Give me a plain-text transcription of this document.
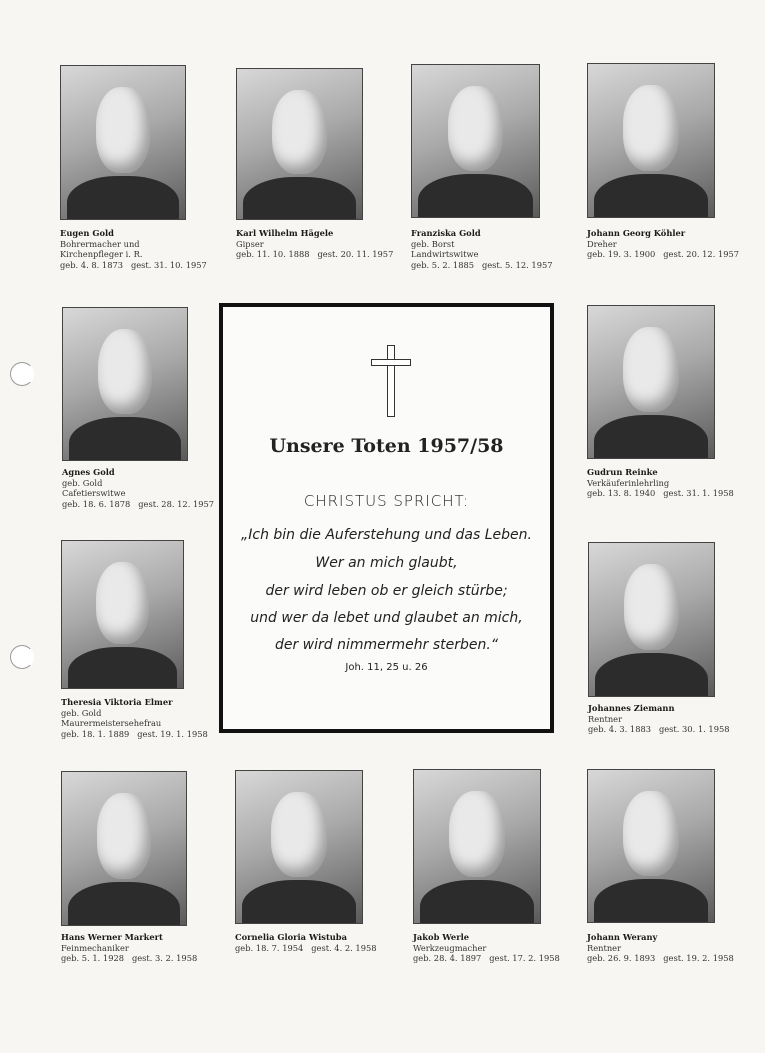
Eugen Gold
Bohrermacher und
Kirchenpfleger i. R.
geb. 4. 8. 1873   gest. 31. 10. 1957
Karl Wilhelm Hägele
Gipser
geb. 11. 10. 1888   gest. 20. 11. 1957
Franziska Gold
geb. Borst
Landwirtswitwe
geb. 5. 2. 1885   gest. 5. 12. 1957
Johann Georg Köhler
Dreher
geb. 19. 3. 1900   gest. 20. 12. 1957
Agnes Gold
geb. Gold
Cafetierswitwe
geb. 18. 6. 1878   gest. 28. 12. 1957
Gudrun Reinke
Verkäuferinlehrling
geb. 13. 8. 1940   gest. 31. 1. 1958
Theresia Viktoria Elmer
geb. Gold
Maurermeistersehefrau
geb. 18. 1. 1889   gest. 19. 1. 1958
Johannes Ziemann
Rentner
geb. 4. 3. 1883   gest. 30. 1. 1958
Hans Werner Markert
Feinmechaniker
geb. 5. 1. 1928   gest. 3. 2. 1958
Cornelia Gloria Wistuba
geb. 18. 7. 1954   gest. 4. 2. 1958
Jakob Werle
Werkzeugmacher
geb. 28. 4. 1897   gest. 17. 2. 1958
Johann Werany
Rentner
geb. 26. 9. 1893   gest. 19. 2. 1958
Unsere Toten 1957/58
CHRISTUS SPRICHT:
„Ich bin die Auferstehung und das Leben.
Wer an mich glaubt,
der wird leben ob er gleich stürbe;
und wer da lebet und glaubet an mich,
der wird nimmermehr sterben.“
Joh. 11, 25 u. 26
